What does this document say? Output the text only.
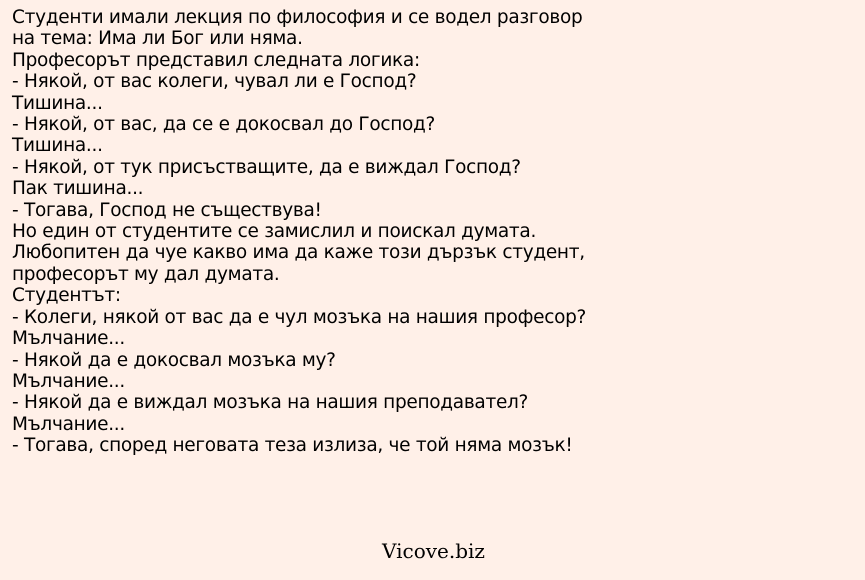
Студенти имали лекция по философия и се водел разговор
на тема: Има ли Бог или няма.
Професорът представил следната логика:
- Някой, от вас колеги, чувал ли е Господ?
Тишина...
- Някой, от вас, да се е докосвал до Господ?
Тишина...
- Някой, от тук присъстващите, да е виждал Господ?
Пак тишина...
- Тогава, Господ не съществува!
Но един от студентите се замислил и поискал думата.
Любопитен да чуе какво има да каже този дързък студент,
професорът му дал думата.
Студентът:
- Колеги, някой от вас да е чул мозъка на нашия професор?
Мълчание...
- Някой да е докосвал мозъка му?
Мълчание...
- Някой да е виждал мозъка на нашия преподавател?
Мълчание...
- Тогава, според неговата теза излиза, че той няма мозък!
Vicove.biz
